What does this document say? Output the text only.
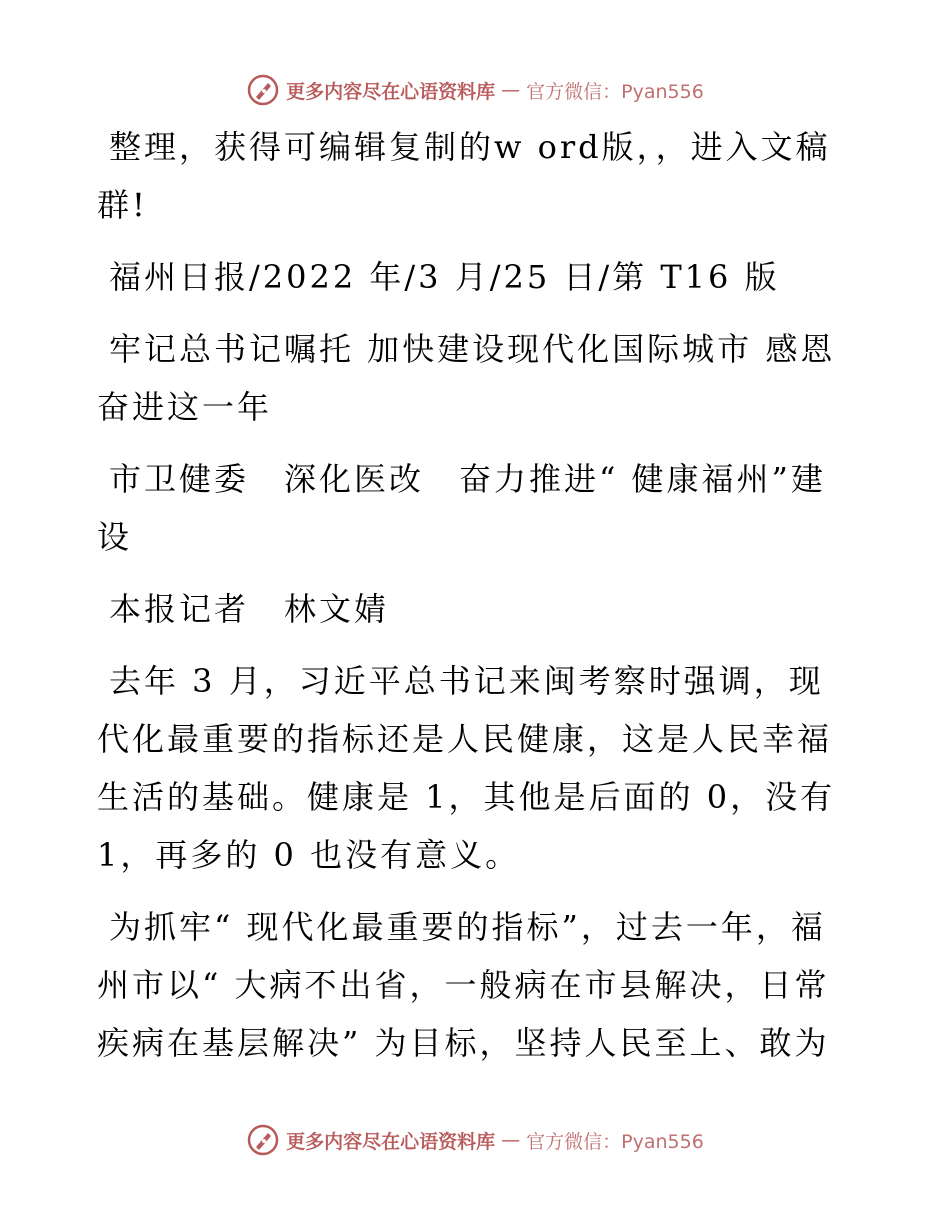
更多内容尽在心语资料库 — 官方微信：Pyan556

整理，获得可编辑复制的w ord版，，进入文稿群!

福州日报/2022 年/3 月/25 日/第 T16 版

牢记总书记嘱托 加快建设现代化国际城市 感恩奋进这一年

市卫健委　深化医改　奋力推进“ 健康福州”建设

本报记者　林文婧

去年 3 月，习近平总书记来闽考察时强调，现代化最重要的指标还是人民健康，这是人民幸福生活的基础。健康是 1，其他是后面的 0，没有 1，再多的 0 也没有意义。

为抓牢“ 现代化最重要的指标”，过去一年，福州市以“ 大病不出省，一般病在市县解决，日常疾病在基层解决” 为目标，坚持人民至上、敢为

更多内容尽在心语资料库 — 官方微信：Pyan556
